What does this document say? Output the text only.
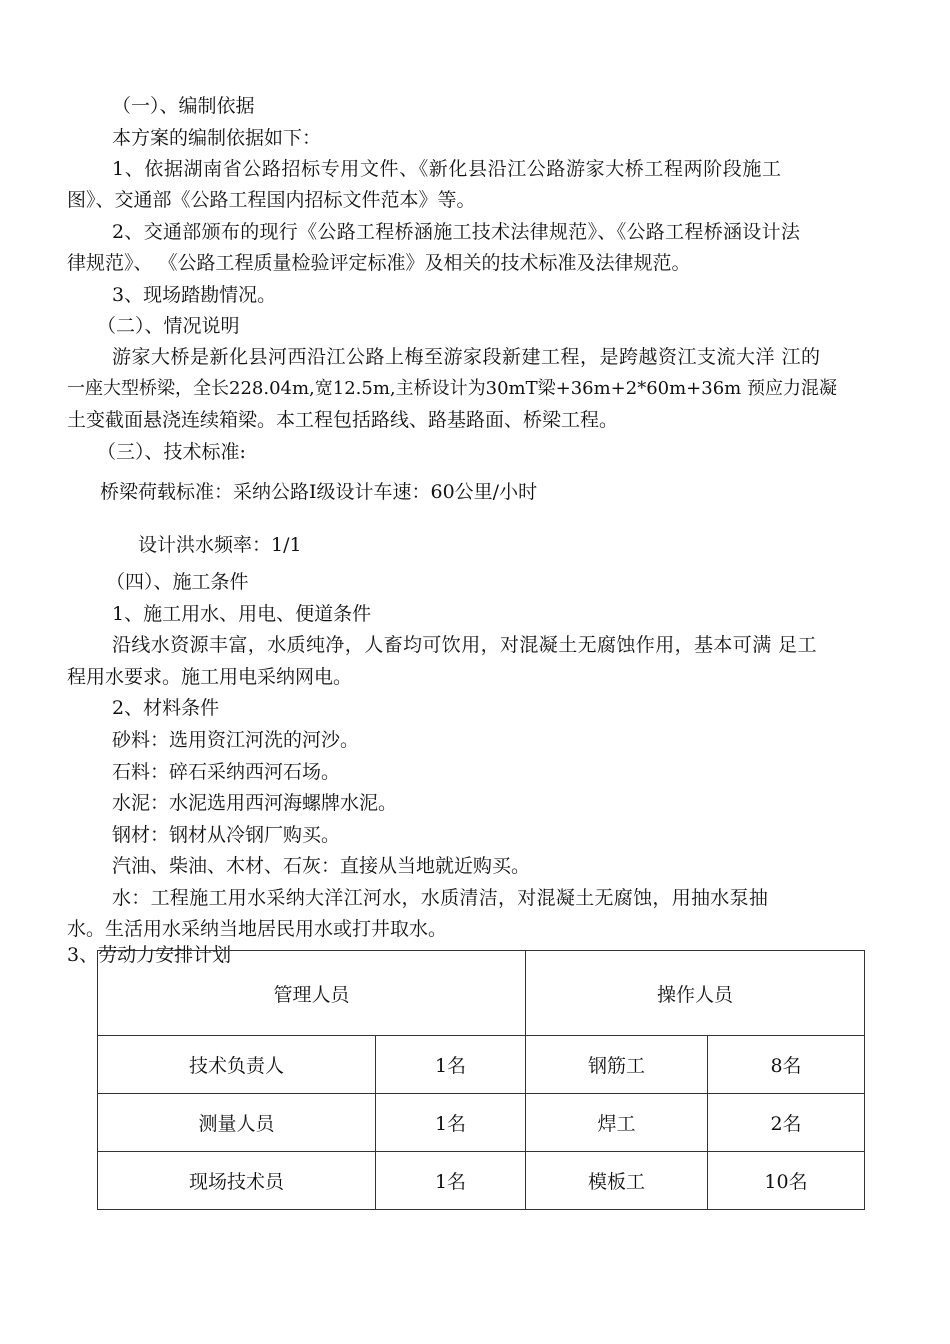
（一）、编制依据
本方案的编制依据如下：
1、依据湖南省公路招标专用文件、《新化县沿江公路游家大桥工程两阶段施工
图》、交通部《公路工程国内招标文件范本》等。
2、交通部颁布的现行《公路工程桥涵施工技术法律规范》、《公路工程桥涵设计法
律规范》、 《公路工程质量检验评定标准》及相关的技术标准及法律规范。
3、现场踏勘情况。
（二）、情况说明
游家大桥是新化县河西沿江公路上梅至游家段新建工程，是跨越资江支流大洋 江的
一座大型桥梁，全长228.04m,宽12.5m,主桥设计为30mT梁+36m+2*60m+36m 预应力混凝
土变截面悬浇连续箱梁。本工程包括路线、路基路面、桥梁工程。
（三）、技术标准:
桥梁荷载标准：采纳公路Ⅰ级设计车速：60公里/小时
设计洪水频率：1/1
（四）、施工条件
1、施工用水、用电、便道条件
沿线水资源丰富，水质纯净，人畜均可饮用，对混凝土无腐蚀作用，基本可满 足工
程用水要求。施工用电采纳网电。
2、材料条件
砂料：选用资江河洗的河沙。
石料：碎石采纳西河石场。
水泥：水泥选用西河海螺牌水泥。
钢材：钢材从冷钢厂购买。
汽油、柴油、木材、石灰：直接从当地就近购买。
水：工程施工用水采纳大洋江河水，水质清洁，对混凝土无腐蚀，用抽水泵抽
水。生活用水采纳当地居民用水或打井取水。
3、劳动力安排计划
管理人员		操作人员	
技术负责人	1名	钢筋工	8名
测量人员	1名	焊工	2名
现场技术员	1名	模板工	10名
